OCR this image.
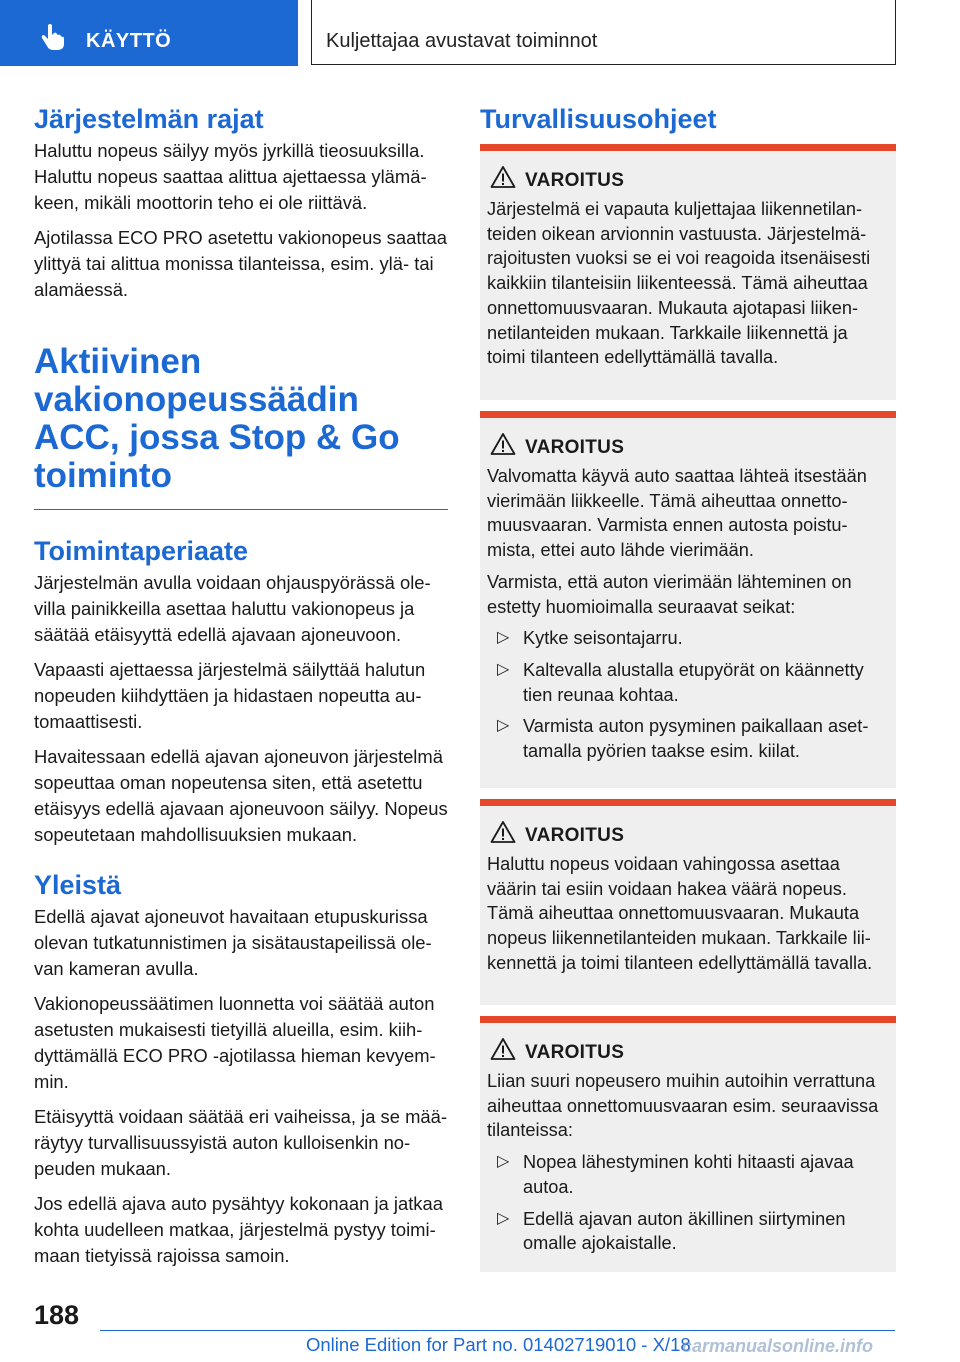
KÄYTTÖ	Kuljettajaa avustavat toiminnot
Järjestelmän rajat

Haluttu nopeus säilyy myös jyrkillä tieosuuksilla. Haluttu nopeus saattaa alittua ajettaessa ylämäkeen, mikäli moottorin teho ei ole riittävä.

Ajotilassa ECO PRO asetettu vakionopeus saattaa ylittyä tai alittua monissa tilanteissa, esim. ylä- tai alamäessä.

Aktiivinen vakionopeussäädin ACC, jossa Stop & Go toiminto
Toimintaperiaate

Järjestelmän avulla voidaan ohjauspyörässä olevilla painikkeilla asettaa haluttu vakionopeus ja säätää etäisyyttä edellä ajavaan ajoneuvoon.

Vapaasti ajettaessa järjestelmä säilyttää halutun nopeuden kiihdyttäen ja hidastaen nopeutta automaattisesti.

Havaitessaan edellä ajavan ajoneuvon järjestelmä sopeuttaa oman nopeutensa siten, että asetettu etäisyys edellä ajavaan ajoneuvoon säilyy. Nopeus sopeutetaan mahdollisuuksien mukaan.

Yleistä

Edellä ajavat ajoneuvot havaitaan etupuskurissa olevan tutkatunnistimen ja sisätaustapeilissä olevan kameran avulla.

Vakionopeussäätimen luonnetta voi säätää auton asetusten mukaisesti tietyillä alueilla, esim. kiihdyttämällä ECO PRO -ajotilassa hieman kevyemmin.

Etäisyyttä voidaan säätää eri vaiheissa, ja se määräytyy turvallisuussyistä auton kulloisenkin nopeuden mukaan.

Jos edellä ajava auto pysähtyy kokonaan ja jatkaa kohta uudelleen matkaa, järjestelmä pystyy toimimaan tietyissä rajoissa samoin.

Turvallisuusohjeet
VAROITUS

Järjestelmä ei vapauta kuljettajaa liikennetilanteiden oikean arvionnin vastuusta. Järjestelmärajoitusten vuoksi se ei voi reagoida itsenäisesti kaikkiin tilanteisiin liikenteessä. Tämä aiheuttaa onnettomuusvaaran. Mukauta ajotapasi liikennetilanteiden mukaan. Tarkkaile liikennettä ja toimi tilanteen edellyttämällä tavalla.

VAROITUS

Valvomatta käyvä auto saattaa lähteä itsestään vierimään liikkeelle. Tämä aiheuttaa onnettomuusvaaran. Varmista ennen autosta poistumista, ettei auto lähde vierimään.

Varmista, että auton vierimään lähteminen on estetty huomioimalla seuraavat seikat:

▷ Kytke seisontajarru.
▷ Kaltevalla alustalla etupyörät on käännetty tien reunaa kohtaa.
▷ Varmista auton pysyminen paikallaan asettamalla pyörien taakse esim. kiilat.
VAROITUS

Haluttu nopeus voidaan vahingossa asettaa väärin tai esiin voidaan hakea väärä nopeus. Tämä aiheuttaa onnettomuusvaaran. Mukauta nopeus liikennetilanteiden mukaan. Tarkkaile liikennettä ja toimi tilanteen edellyttämällä tavalla.

VAROITUS

Liian suuri nopeusero muihin autoihin verrattuna aiheuttaa onnettomuusvaaran esim. seuraavissa tilanteissa:

▷ Nopea lähestyminen kohti hitaasti ajavaa autoa.
▷ Edellä ajavan auton äkillinen siirtyminen omalle ajokaistalle.
188
Online Edition for Part no. 01402719010 - X/18
carmanualsonline.info
